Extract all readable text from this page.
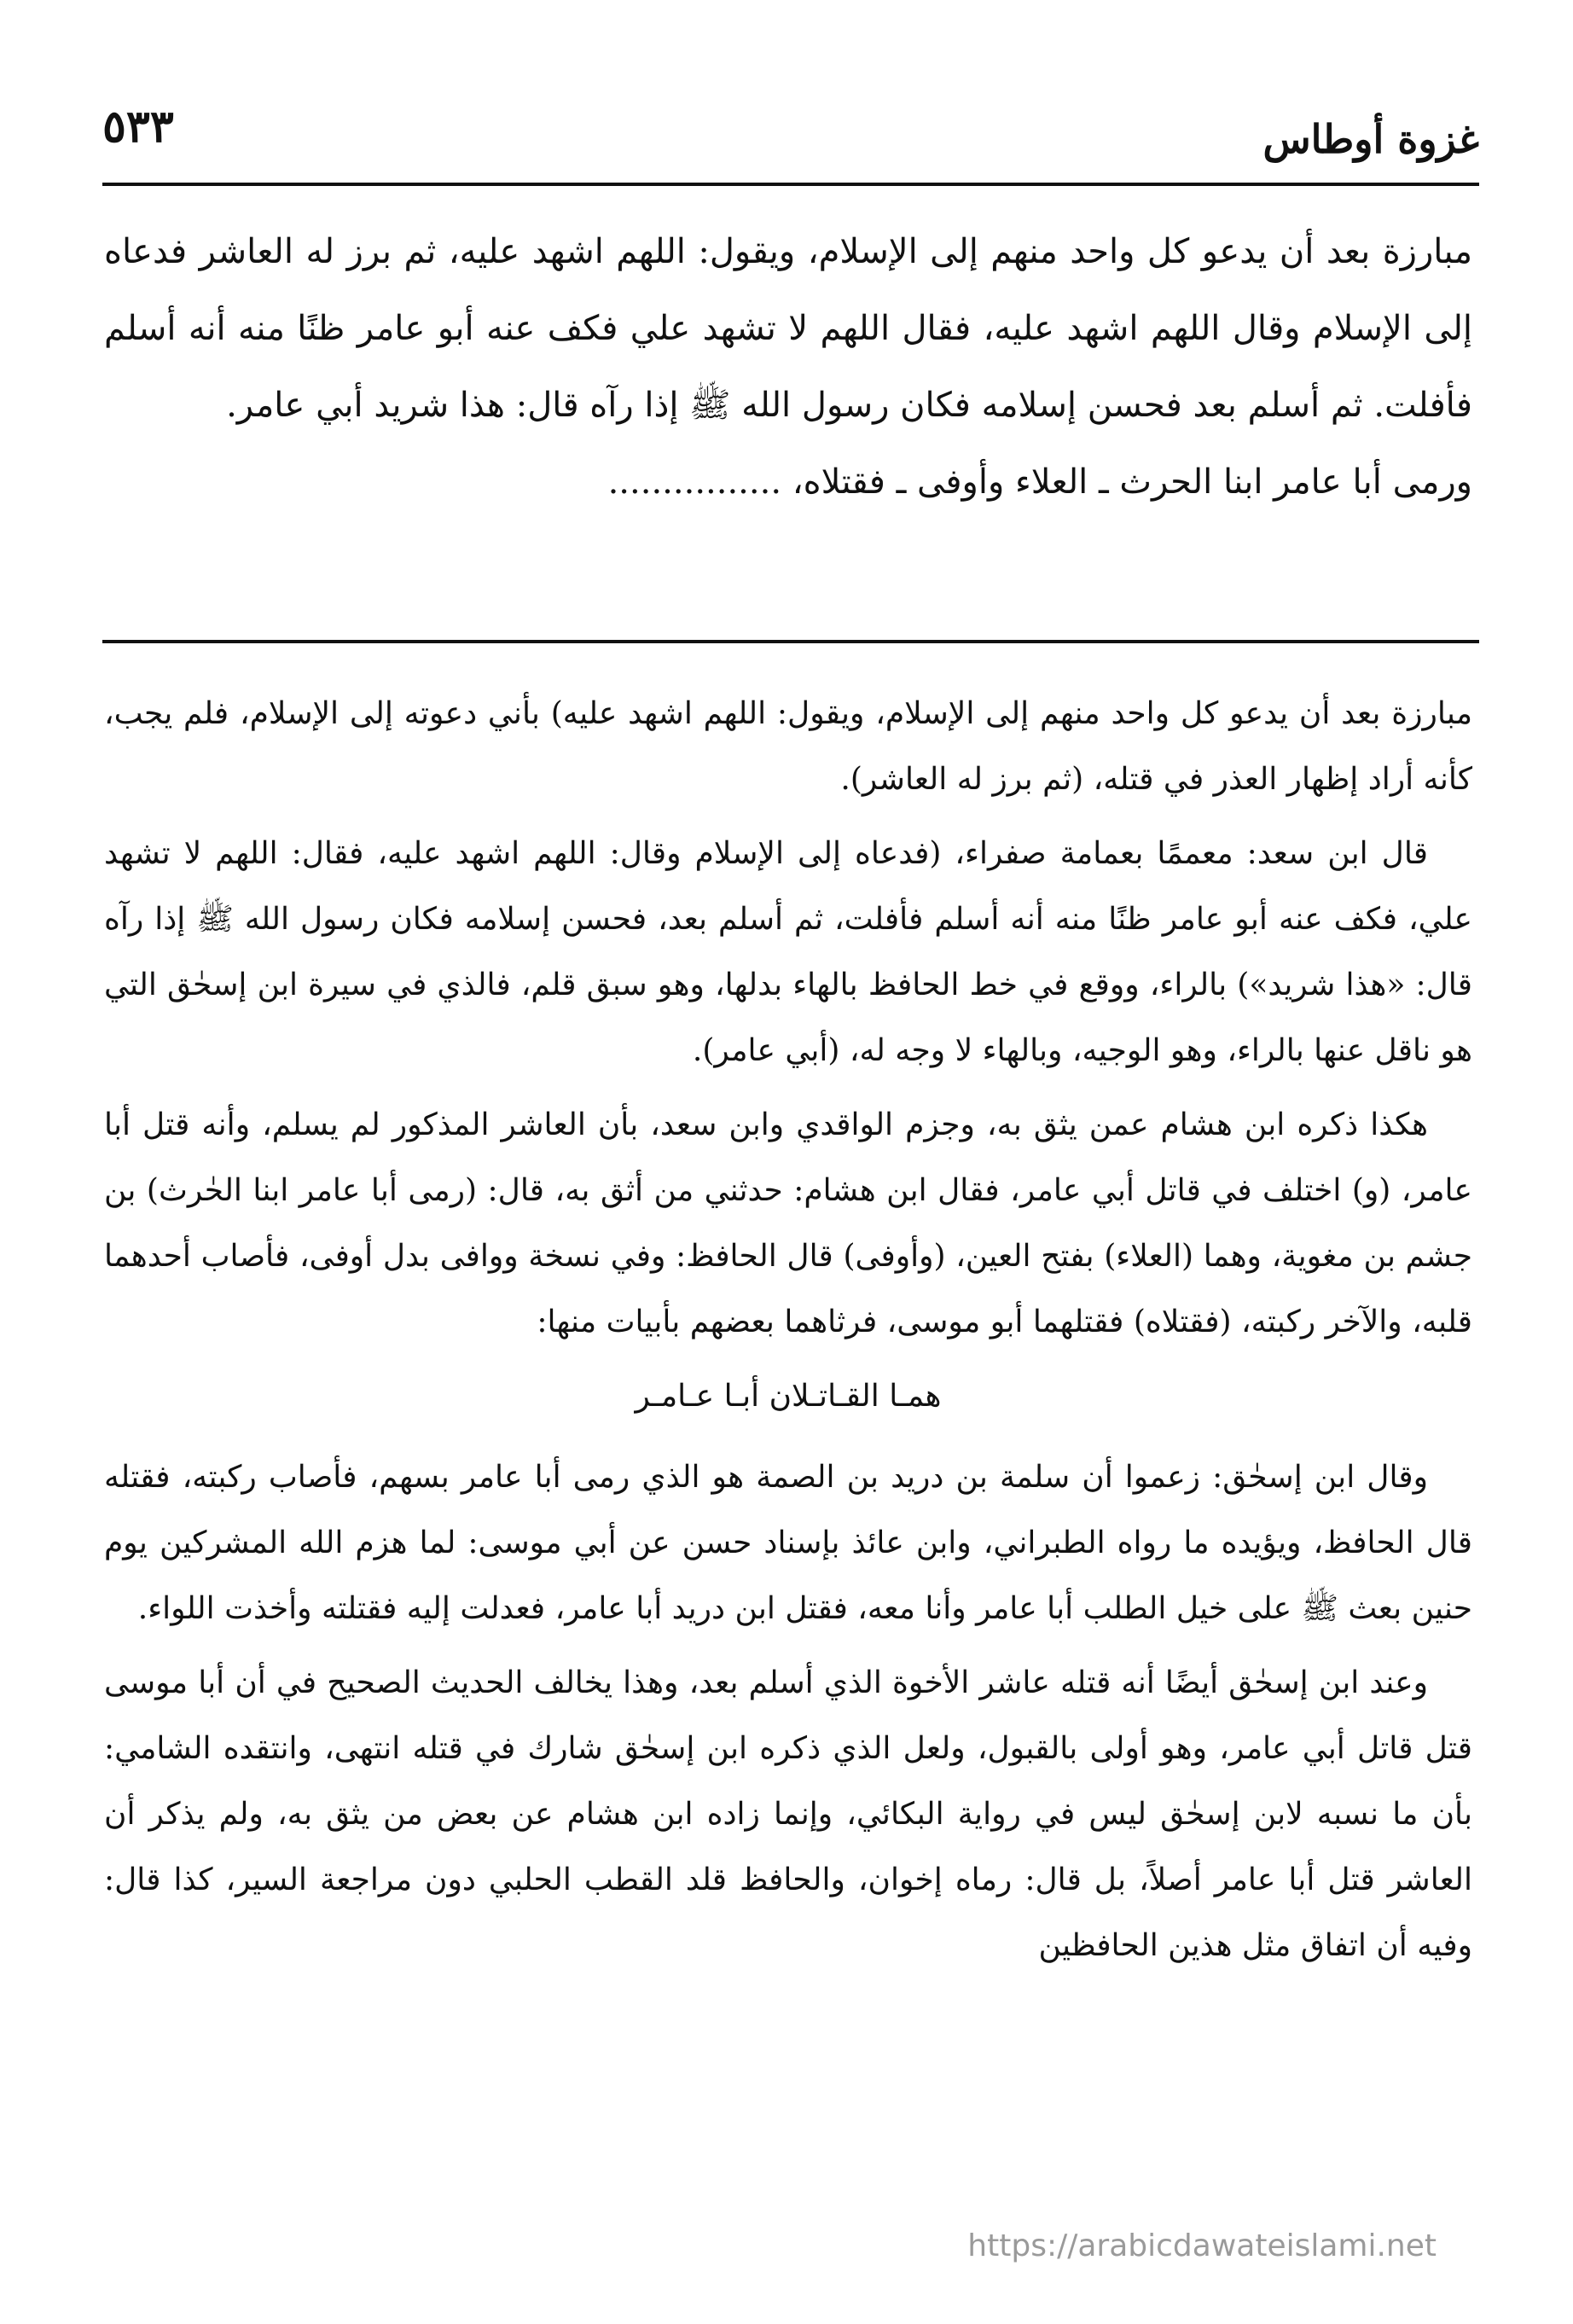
غزوة أوطاس
٥٣٣

مبارزة بعد أن يدعو كل واحد منهم إلى الإسلام، ويقول: اللهم اشهد عليه، ثم برز له العاشر فدعاه إلى الإسلام وقال اللهم اشهد عليه، فقال اللهم لا تشهد علي فكف عنه أبو عامر ظنًا منه أنه أسلم فأفلت. ثم أسلم بعد فحسن إسلامه فكان رسول الله ﷺ إذا رآه قال: هذا شريد أبي عامر.

ورمى أبا عامر ابنا الحرث ـ العلاء وأوفى ـ فقتلاه، ................

مبارزة بعد أن يدعو كل واحد منهم إلى الإسلام، ويقول: اللهم اشهد عليه) بأني دعوته إلى الإسلام، فلم يجب، كأنه أراد إظهار العذر في قتله، (ثم برز له العاشر).

قال ابن سعد: معممًا بعمامة صفراء، (فدعاه إلى الإسلام وقال: اللهم اشهد عليه، فقال: اللهم لا تشهد علي، فكف عنه أبو عامر ظنًا منه أنه أسلم فأفلت، ثم أسلم بعد، فحسن إسلامه فكان رسول الله ﷺ إذا رآه قال: «هذا شريد») بالراء، ووقع في خط الحافظ بالهاء بدلها، وهو سبق قلم، فالذي في سيرة ابن إسحٰق التي هو ناقل عنها بالراء، وهو الوجيه، وبالهاء لا وجه له، (أبي عامر).

هكذا ذكره ابن هشام عمن يثق به، وجزم الواقدي وابن سعد، بأن العاشر المذكور لم يسلم، وأنه قتل أبا عامر، (و) اختلف في قاتل أبي عامر، فقال ابن هشام: حدثني من أثق به، قال: (رمى أبا عامر ابنا الحٰرث) بن جشم بن مغوية، وهما (العلاء) بفتح العين، (وأوفى) قال الحافظ: وفي نسخة ووافى بدل أوفى، فأصاب أحدهما قلبه، والآخر ركبته، (فقتلاه) فقتلهما أبو موسى، فرثاهما بعضهم بأبيات منها:

همـا القـاتـلان أبـا عـامـر

وقال ابن إسحٰق: زعموا أن سلمة بن دريد بن الصمة هو الذي رمى أبا عامر بسهم، فأصاب ركبته، فقتله قال الحافظ، ويؤيده ما رواه الطبراني، وابن عائذ بإسناد حسن عن أبي موسى: لما هزم الله المشركين يوم حنين بعث ﷺ على خيل الطلب أبا عامر وأنا معه، فقتل ابن دريد أبا عامر، فعدلت إليه فقتلته وأخذت اللواء.

وعند ابن إسحٰق أيضًا أنه قتله عاشر الأخوة الذي أسلم بعد، وهذا يخالف الحديث الصحيح في أن أبا موسى قتل قاتل أبي عامر، وهو أولى بالقبول، ولعل الذي ذكره ابن إسحٰق شارك في قتله انتهى، وانتقده الشامي: بأن ما نسبه لابن إسحٰق ليس في رواية البكائي، وإنما زاده ابن هشام عن بعض من يثق به، ولم يذكر أن العاشر قتل أبا عامر أصلاً، بل قال: رماه إخوان، والحافظ قلد القطب الحلبي دون مراجعة السير، كذا قال: وفيه أن اتفاق مثل هذين الحافظين

https://arabicdawateislami.net
